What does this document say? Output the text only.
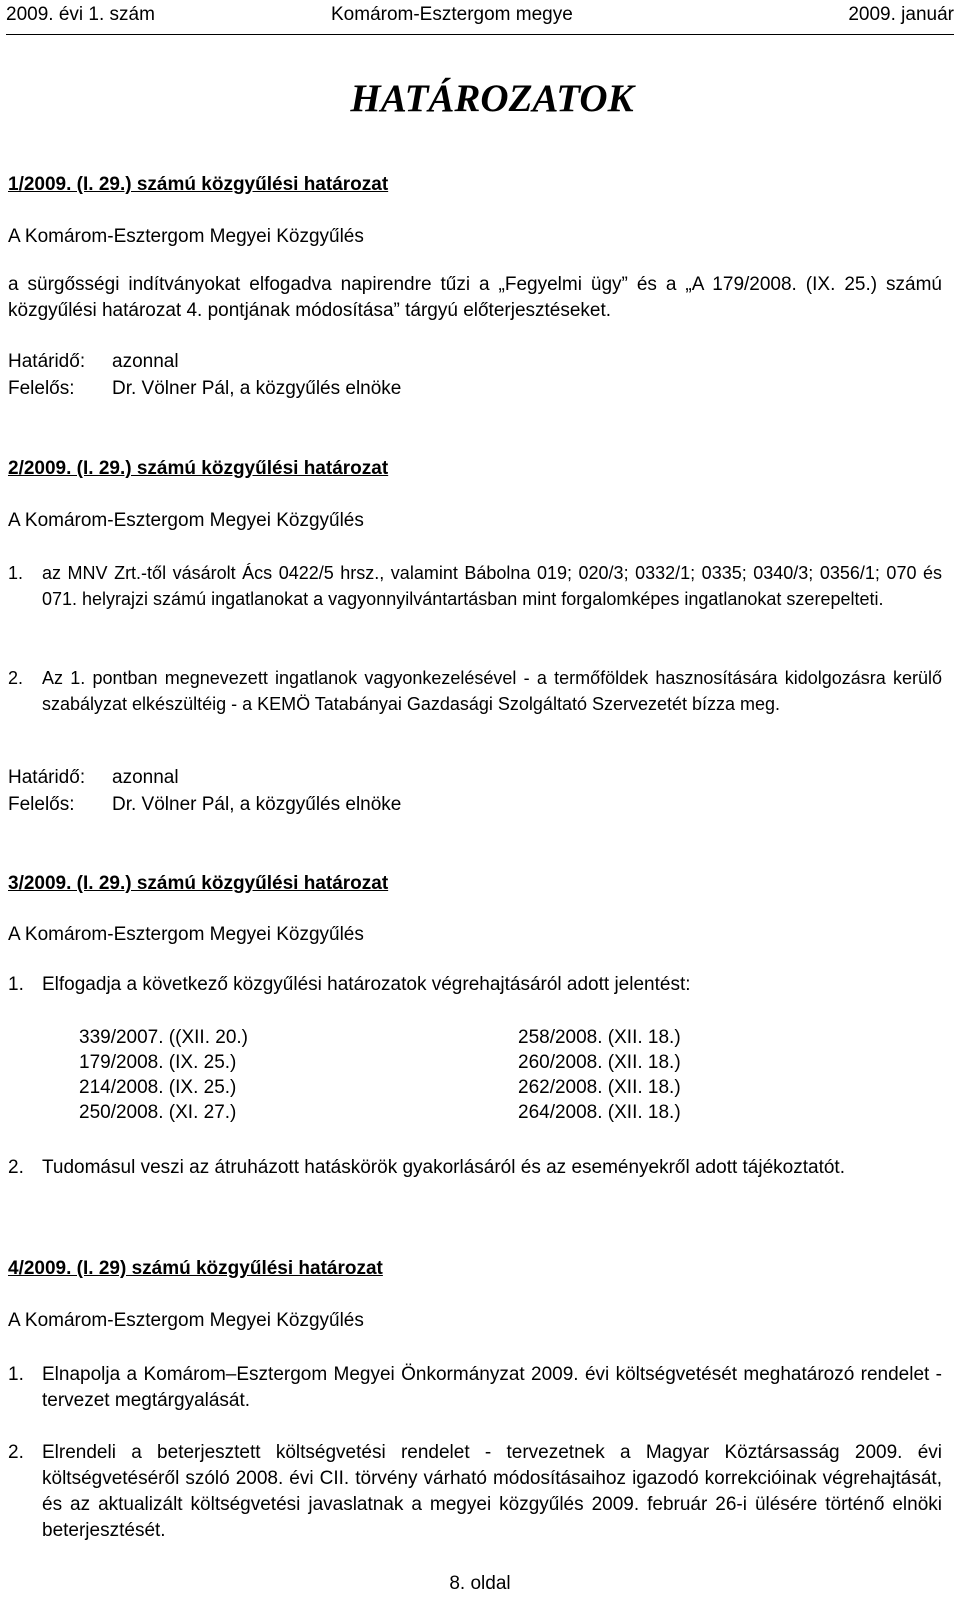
2009. évi 1. szám	Komárom-Esztergom megye	2009. január
HATÁROZATOK
1/2009. (I. 29.) számú közgyűlési határozat
A Komárom-Esztergom Megyei Közgyűlés
a sürgősségi indítványokat elfogadva napirendre tűzi a „Fegyelmi ügy” és a „A 179/2008. (IX. 25.) számú közgyűlési határozat 4. pontjának módosítása” tárgyú előterjesztéseket.
Határidő: azonnal
Felelős: Dr. Völner Pál, a közgyűlés elnöke
2/2009. (I. 29.) számú közgyűlési határozat
A Komárom-Esztergom Megyei Közgyűlés
1. az MNV Zrt.-től vásárolt Ács 0422/5 hrsz., valamint Bábolna 019; 020/3; 0332/1; 0335; 0340/3; 0356/1; 070 és 071. helyrajzi számú ingatlanokat a vagyonnyilvántartásban mint forgalomképes ingatlanokat szerepelteti.
2. Az 1. pontban megnevezett ingatlanok vagyonkezelésével - a termőföldek hasznosítására kidolgozásra kerülő szabályzat elkészültéig - a KEMÖ Tatabányai Gazdasági Szolgáltató Szervezetét bízza meg.
Határidő: azonnal
Felelős: Dr. Völner Pál, a közgyűlés elnöke
3/2009. (I. 29.) számú közgyűlési határozat
A Komárom-Esztergom Megyei Közgyűlés
1. Elfogadja a következő közgyűlési határozatok végrehajtásáról adott jelentést:
339/2007. ((XII. 20.)
179/2008. (IX. 25.)
214/2008. (IX. 25.)
250/2008. (XI. 27.)
258/2008. (XII. 18.)
260/2008. (XII. 18.)
262/2008. (XII. 18.)
264/2008. (XII. 18.)
2. Tudomásul veszi az átruházott hatáskörök gyakorlásáról és az eseményekről adott tájékoztatót.
4/2009. (I. 29) számú közgyűlési határozat
A Komárom-Esztergom Megyei Közgyűlés
1. Elnapolja a Komárom–Esztergom Megyei Önkormányzat 2009. évi költségvetését meghatározó rendelet - tervezet megtárgyalását.
2. Elrendeli a beterjesztett költségvetési rendelet - tervezetnek a Magyar Köztársasság 2009. évi költségvetéséről szóló 2008. évi CII. törvény várható módosításaihoz igazodó korrekcióinak végrehajtását, és az aktualizált költségvetési javaslatnak a megyei közgyűlés 2009. február 26-i ülésére történő elnöki beterjesztését.
8. oldal
